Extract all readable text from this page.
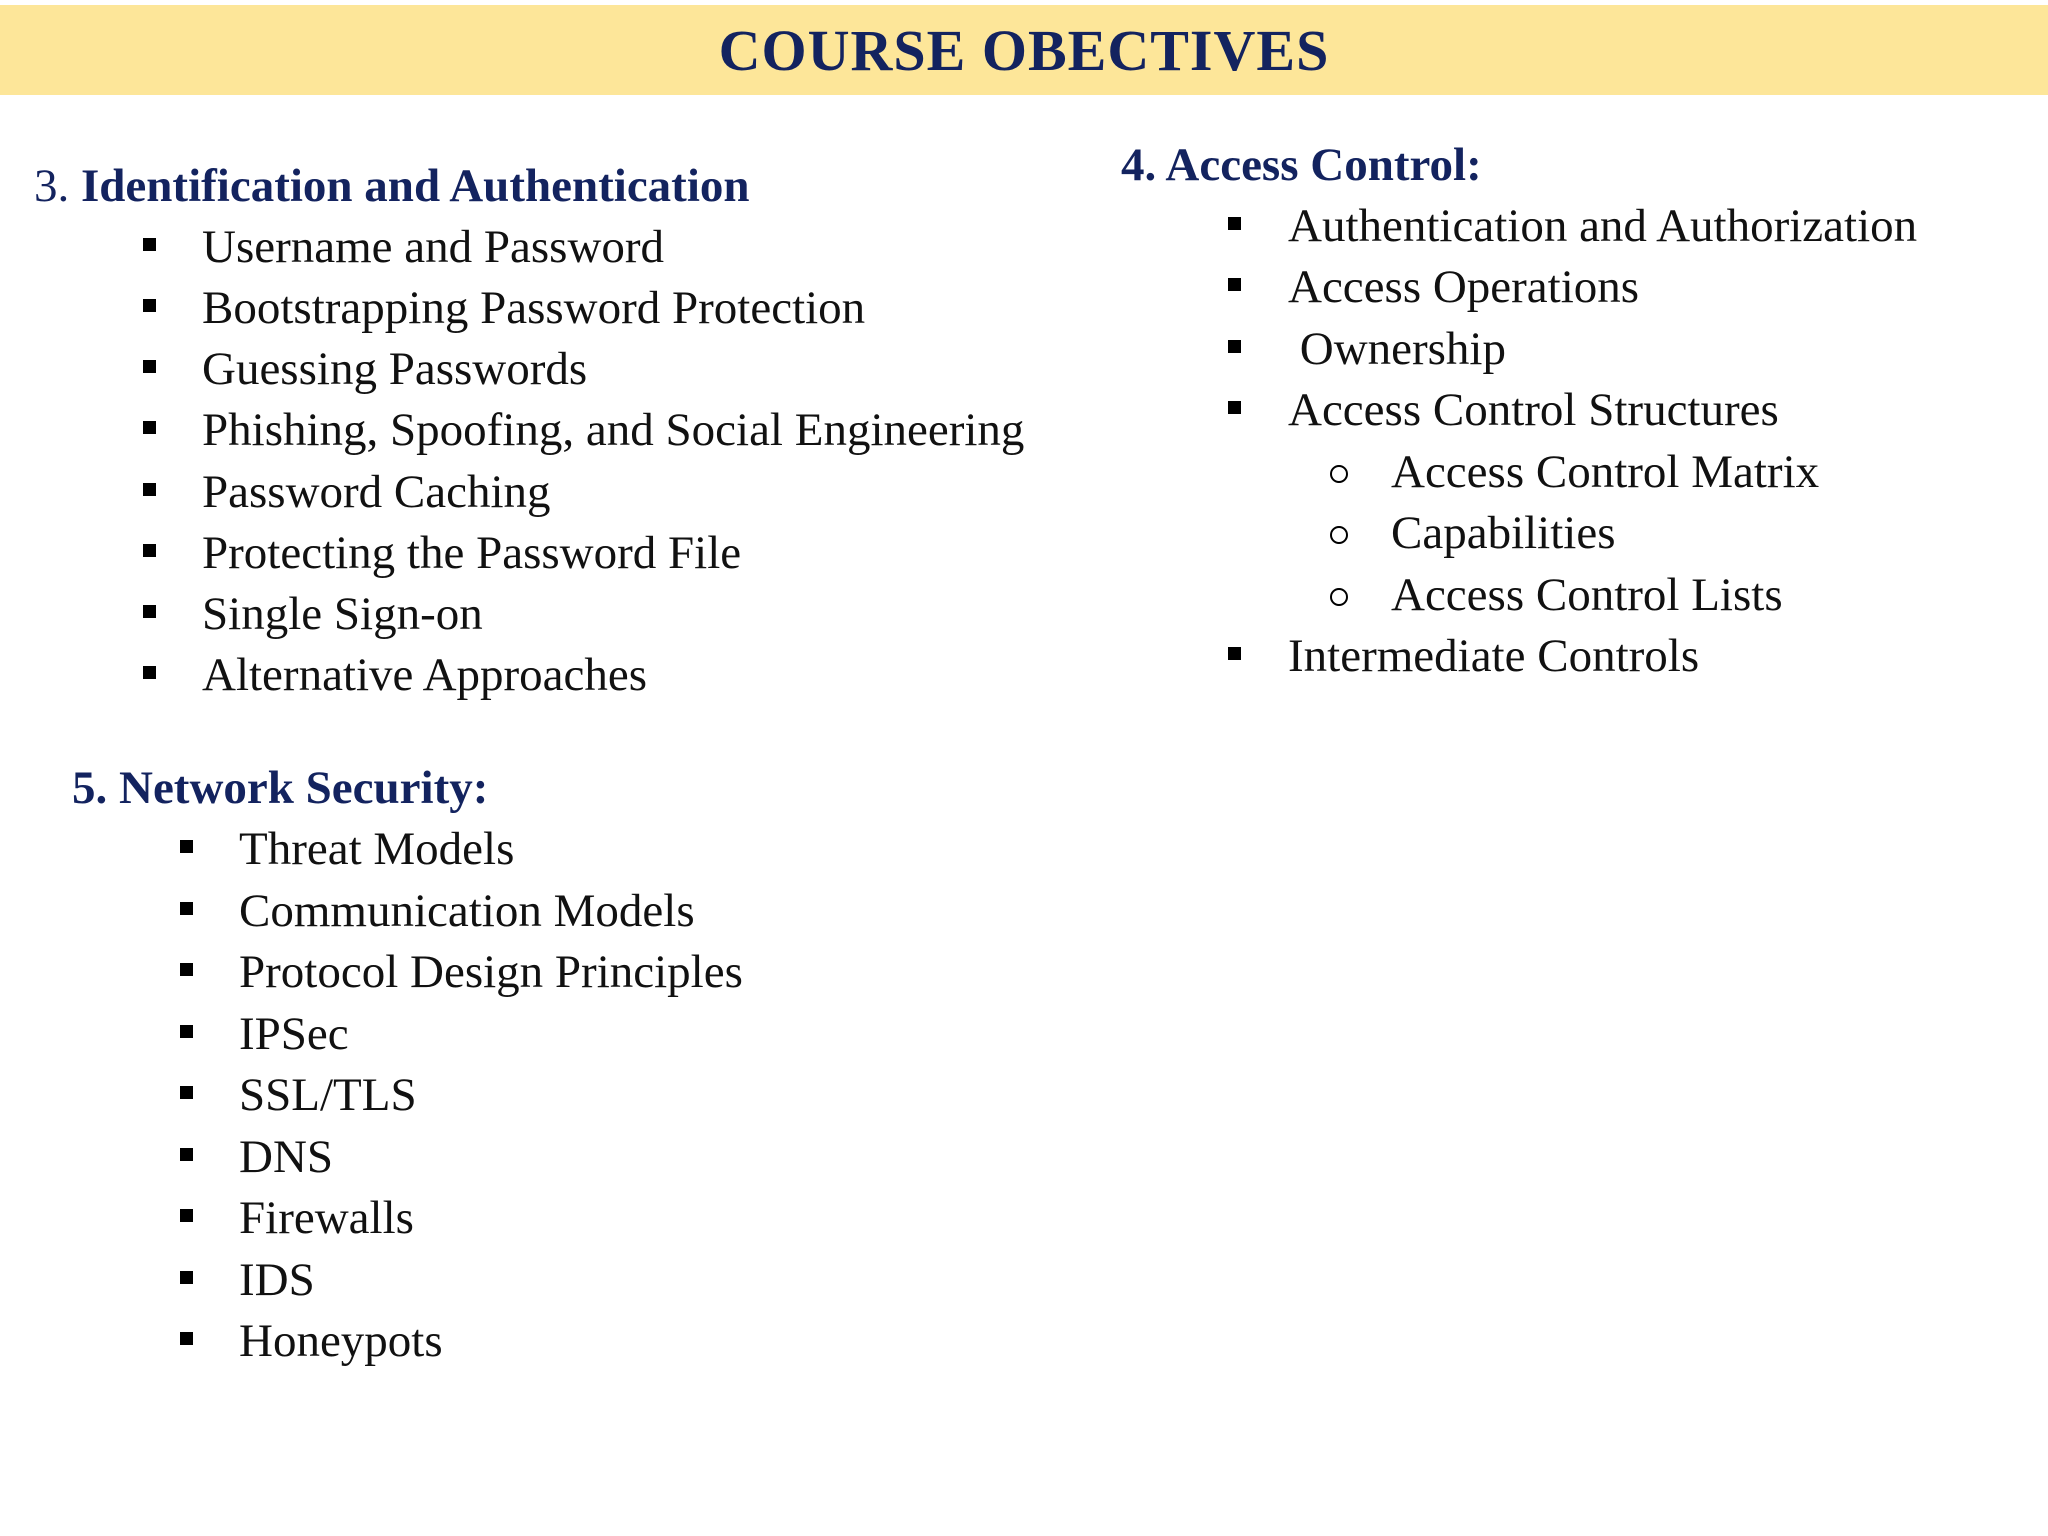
COURSE OBECTIVES
3. Identification and Authentication
Username and Password
Bootstrapping Password Protection
Guessing Passwords
Phishing, Spoofing, and Social Engineering
Password Caching
Protecting the Password File
Single Sign-on
Alternative Approaches
4. Access Control:
Authentication and Authorization
Access Operations
Ownership
Access Control Structures
Access Control Matrix
Capabilities
Access Control Lists
Intermediate Controls
5. Network Security:
Threat Models
Communication Models
Protocol Design Principles
IPSec
SSL/TLS
DNS
Firewalls
IDS
Honeypots
